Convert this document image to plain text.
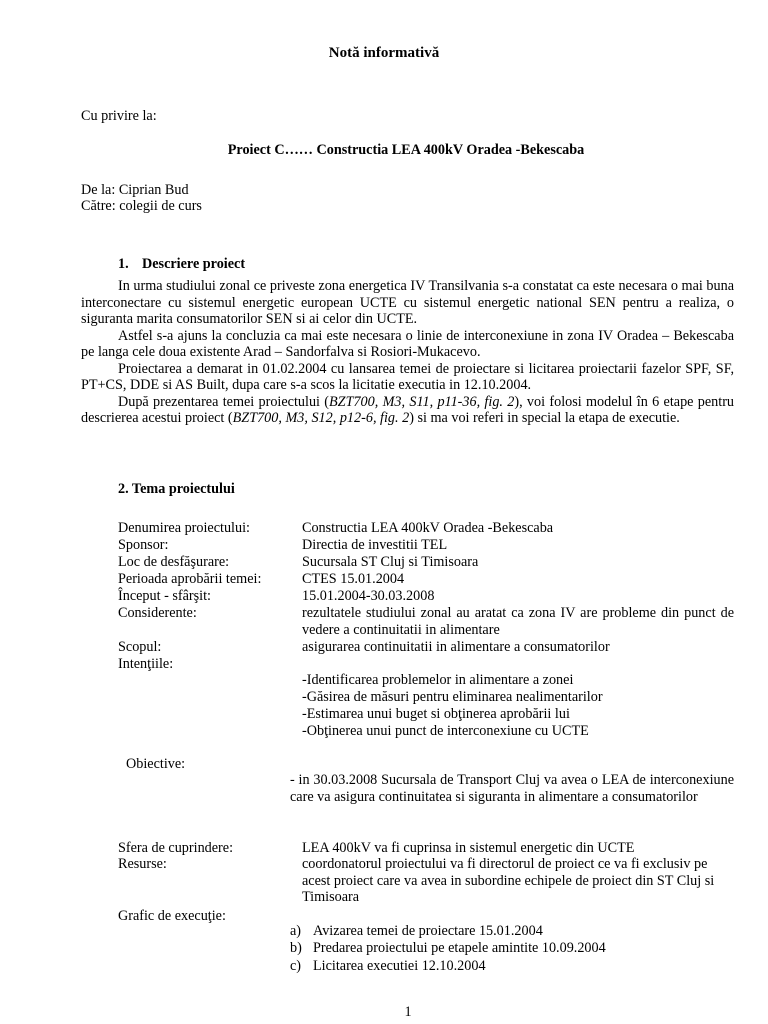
Notă informativă
Cu privire la:
Proiect C…… Constructia LEA 400kV Oradea -Bekescaba
De la: Ciprian Bud
Către: colegii de curs
1. Descriere proiect

In urma studiului zonal ce priveste zona energetica IV Transilvania s-a constatat ca este necesara o mai buna interconectare cu sistemul energetic european UCTE cu sistemul energetic national SEN pentru a realiza, o siguranta marita consumatorilor SEN si ai celor din UCTE.

Astfel s-a ajuns la concluzia ca mai este necesara o linie de interconexiune in zona IV Oradea – Bekescaba pe langa cele doua existente Arad – Sandorfalva si Rosiori-Mukacevo.

Proiectarea a demarat in 01.02.2004 cu lansarea temei de proiectare si licitarea proiectarii fazelor SPF, SF, PT+CS, DDE si AS Built, dupa care s-a scos la licitatie executia in 12.10.2004.

După prezentarea temei proiectului (BZT700, M3, S11, p11-36, fig. 2), voi folosi modelul în 6 etape pentru descrierea acestui proiect (BZT700, M3, S12, p12-6, fig. 2) si ma voi referi in special la etapa de executie.

2. Tema proiectului
Denumirea proiectului:	Constructia LEA 400kV Oradea -Bekescaba
Sponsor:	Directia de investitii TEL
Loc de desfăşurare:	Sucursala ST Cluj si Timisoara
Perioada aprobării temei:	CTES 15.01.2004
Început - sfârşit:	15.01.2004-30.03.2008
Considerente:	rezultatele studiului zonal au aratat ca zona IV are probleme din punct de vedere a continuitatii in alimentare
Scopul:	asigurarea continuitatii in alimentare a consumatorilor
Intenţiile:
-Identificarea problemelor in alimentare a zonei
-Găsirea de măsuri pentru eliminarea nealimentarilor
-Estimarea unui buget si obţinerea aprobării lui
-Obţinerea unui punct de interconexiune cu UCTE
Obiective:
- in 30.03.2008 Sucursala de Transport Cluj va avea o LEA de interconexiune care va asigura continuitatea si siguranta in alimentare a consumatorilor
Sfera de cuprindere:	LEA 400kV va fi cuprinsa in sistemul energetic din UCTE
Resurse:	coordonatorul proiectului va fi directorul de proiect ce va fi exclusiv pe acest proiect care va avea in subordine echipele de proiect din ST Cluj si Timisoara
Grafic de execuţie:
a) Avizarea temei de proiectare 15.01.2004
b) Predarea proiectului pe etapele amintite 10.09.2004
c) Licitarea executiei 12.10.2004
1
